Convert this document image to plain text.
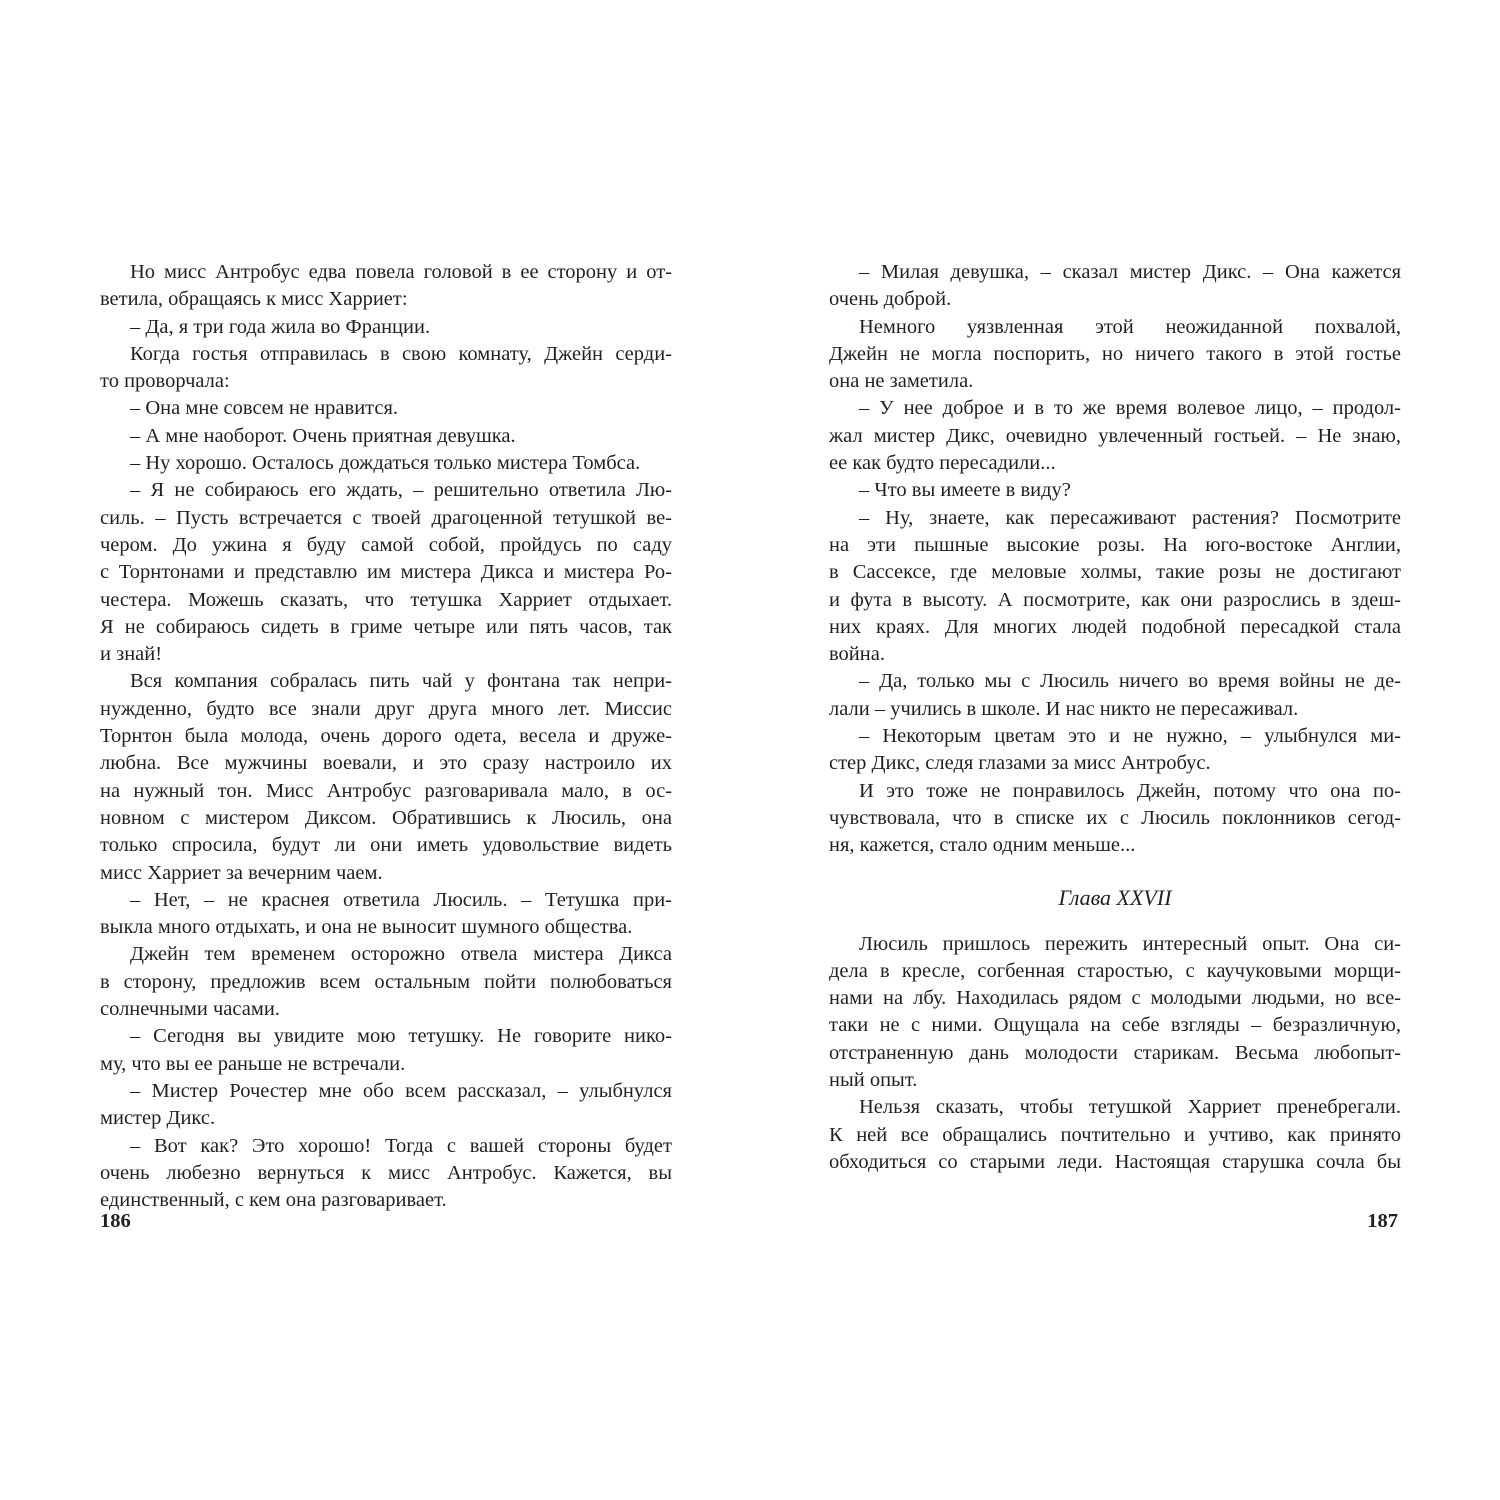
Но мисс Антробус едва повела головой в ее сторону и от-
ветила, обращаясь к мисс Харриет:
– Да, я три года жила во Франции.
Когда гостья отправилась в свою комнату, Джейн серди-
то проворчала:
– Она мне совсем не нравится.
– А мне наоборот. Очень приятная девушка.
– Ну хорошо. Осталось дождаться только мистера Томбса.
– Я не собираюсь его ждать, – решительно ответила Лю-
силь. – Пусть встречается с твоей драгоценной тетушкой ве-
чером. До ужина я буду самой собой, пройдусь по саду
с Торнтонами и представлю им мистера Дикса и мистера Ро-
честера. Можешь сказать, что тетушка Харриет отдыхает.
Я не собираюсь сидеть в гриме четыре или пять часов, так
и знай!
Вся компания собралась пить чай у фонтана так непри-
нужденно, будто все знали друг друга много лет. Миссис
Торнтон была молода, очень дорого одета, весела и друже-
любна. Все мужчины воевали, и это сразу настроило их
на нужный тон. Мисс Антробус разговаривала мало, в ос-
новном с мистером Диксом. Обратившись к Люсиль, она
только спросила, будут ли они иметь удовольствие видеть
мисс Харриет за вечерним чаем.
– Нет, – не краснея ответила Люсиль. – Тетушка при-
выкла много отдыхать, и она не выносит шумного общества.
Джейн тем временем осторожно отвела мистера Дикса
в сторону, предложив всем остальным пойти полюбоваться
солнечными часами.
– Сегодня вы увидите мою тетушку. Не говорите нико-
му, что вы ее раньше не встречали.
– Мистер Рочестер мне обо всем рассказал, – улыбнулся
мистер Дикс.
– Вот как? Это хорошо! Тогда с вашей стороны будет
очень любезно вернуться к мисс Антробус. Кажется, вы
единственный, с кем она разговаривает.
– Милая девушка, – сказал мистер Дикс. – Она кажется
очень доброй.
Немного уязвленная этой неожиданной похвалой,
Джейн не могла поспорить, но ничего такого в этой гостье
она не заметила.
– У нее доброе и в то же время волевое лицо, – продол-
жал мистер Дикс, очевидно увлеченный гостьей. – Не знаю,
ее как будто пересадили...
– Что вы имеете в виду?
– Ну, знаете, как пересаживают растения? Посмотрите
на эти пышные высокие розы. На юго-востоке Англии,
в Сассексе, где меловые холмы, такие розы не достигают
и фута в высоту. А посмотрите, как они разрослись в здеш-
них краях. Для многих людей подобной пересадкой стала
война.
– Да, только мы с Люсиль ничего во время войны не де-
лали – учились в школе. И нас никто не пересаживал.
– Некоторым цветам это и не нужно, – улыбнулся ми-
стер Дикс, следя глазами за мисс Антробус.
И это тоже не понравилось Джейн, потому что она по-
чувствовала, что в списке их с Люсиль поклонников сегод-
ня, кажется, стало одним меньше...
Глава XXVII
Люсиль пришлось пережить интересный опыт. Она си-
дела в кресле, согбенная старостью, с каучуковыми морщи-
нами на лбу. Находилась рядом с молодыми людьми, но все-
таки не с ними. Ощущала на себе взгляды – безразличную,
отстраненную дань молодости старикам. Весьма любопыт-
ный опыт.
Нельзя сказать, чтобы тетушкой Харриет пренебрегали.
К ней все обращались почтительно и учтиво, как принято
обходиться со старыми леди. Настоящая старушка сочла бы
186	187
